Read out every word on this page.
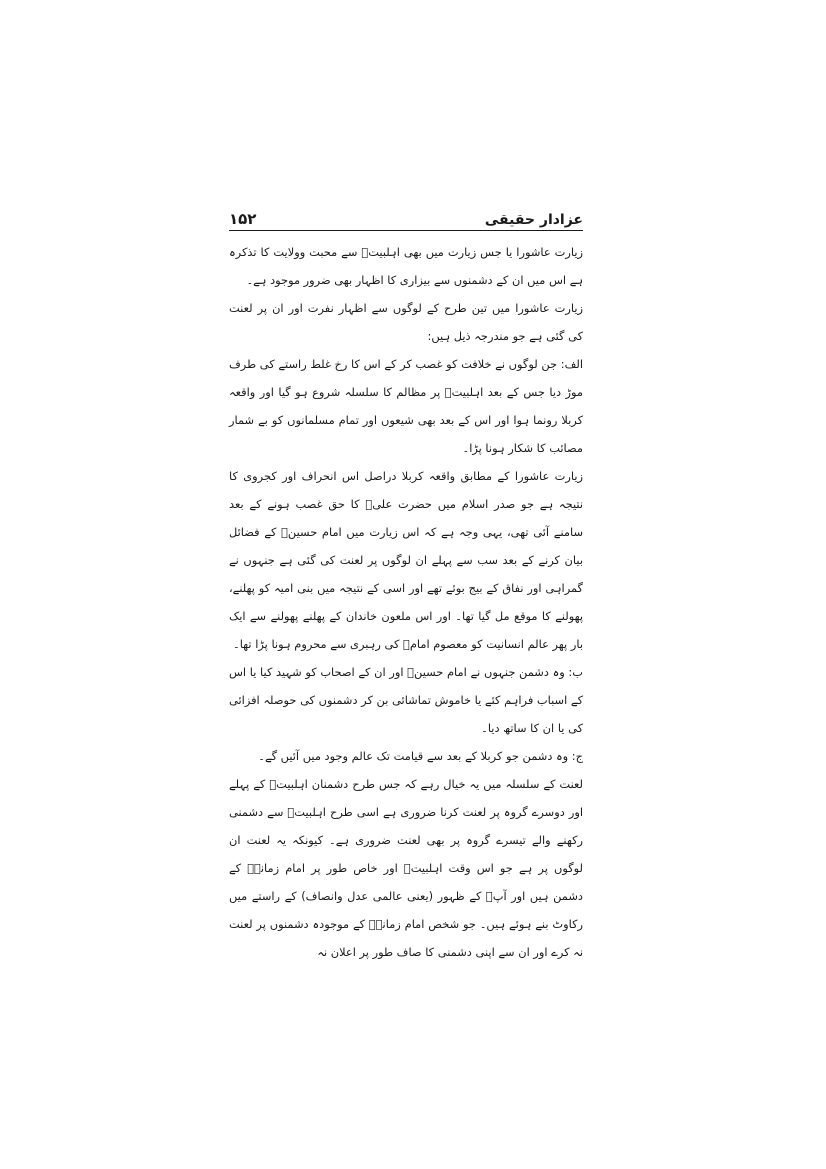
۱۵۲	عزادار حقیقی

زیارت عاشورا یا جس زیارت میں بھی اہلبیتؑ سے محبت وولایت کا تذکرہ ہے اس میں ان کے دشمنوں سے بیزاری کا اظہار بھی ضرور موجود ہے۔

زیارت عاشورا میں تین طرح کے لوگوں سے اظہار نفرت اور ان پر لعنت کی گئی ہے جو مندرجہ ذیل ہیں:

الف: جن لوگوں نے خلافت کو غصب کر کے اس کا رخ غلط راستے کی طرف موڑ دیا جس کے بعد اہلبیتؑ پر مظالم کا سلسلہ شروع ہو گیا اور واقعہ کربلا رونما ہوا اور اس کے بعد بھی شیعوں اور تمام مسلمانوں کو بے شمار مصائب کا شکار ہونا پڑا۔

زیارت عاشورا کے مطابق واقعہ کربلا دراصل اس انحراف اور کجروی کا نتیجہ ہے جو صدر اسلام میں حضرت علیؑ کا حق غصب ہونے کے بعد سامنے آئی تھی، یہی وجہ ہے کہ اس زیارت میں امام حسینؑ کے فضائل بیان کرنے کے بعد سب سے پہلے ان لوگوں پر لعنت کی گئی ہے جنہوں نے گمراہی اور نفاق کے بیج بوئے تھے اور اسی کے نتیجہ میں بنی امیہ کو پھلنے، پھولنے کا موقع مل گیا تھا۔ اور اس ملعون خاندان کے پھلنے پھولنے سے ایک بار پھر عالم انسانیت کو معصوم امامؑ کی رہبری سے محروم ہونا پڑا تھا۔

ب: وہ دشمن جنہوں نے امام حسینؑ اور ان کے اصحاب کو شہید کیا یا اس کے اسباب فراہم کئے یا خاموش تماشائی بن کر دشمنوں کی حوصلہ افزائی کی یا ان کا ساتھ دیا۔

ج: وہ دشمن جو کربلا کے بعد سے قیامت تک عالم وجود میں آئیں گے۔

لعنت کے سلسلہ میں یہ خیال رہے کہ جس طرح دشمنان اہلبیتؑ کے پہلے اور دوسرے گروہ پر لعنت کرنا ضروری ہے اسی طرح اہلبیتؑ سے دشمنی رکھنے والے تیسرے گروہ پر بھی لعنت ضروری ہے۔ کیونکہ یہ لعنت ان لوگوں پر ہے جو اس وقت اہلبیتؑ اور خاص طور پر امام زمانہؑ کے دشمن ہیں اور آپؑ کے ظہور (یعنی عالمی عدل وانصاف) کے راستے میں رکاوٹ بنے ہوئے ہیں۔ جو شخص امام زمانہؑ کے موجودہ دشمنوں پر لعنت نہ کرے اور ان سے اپنی دشمنی کا صاف طور پر اعلان نہ
